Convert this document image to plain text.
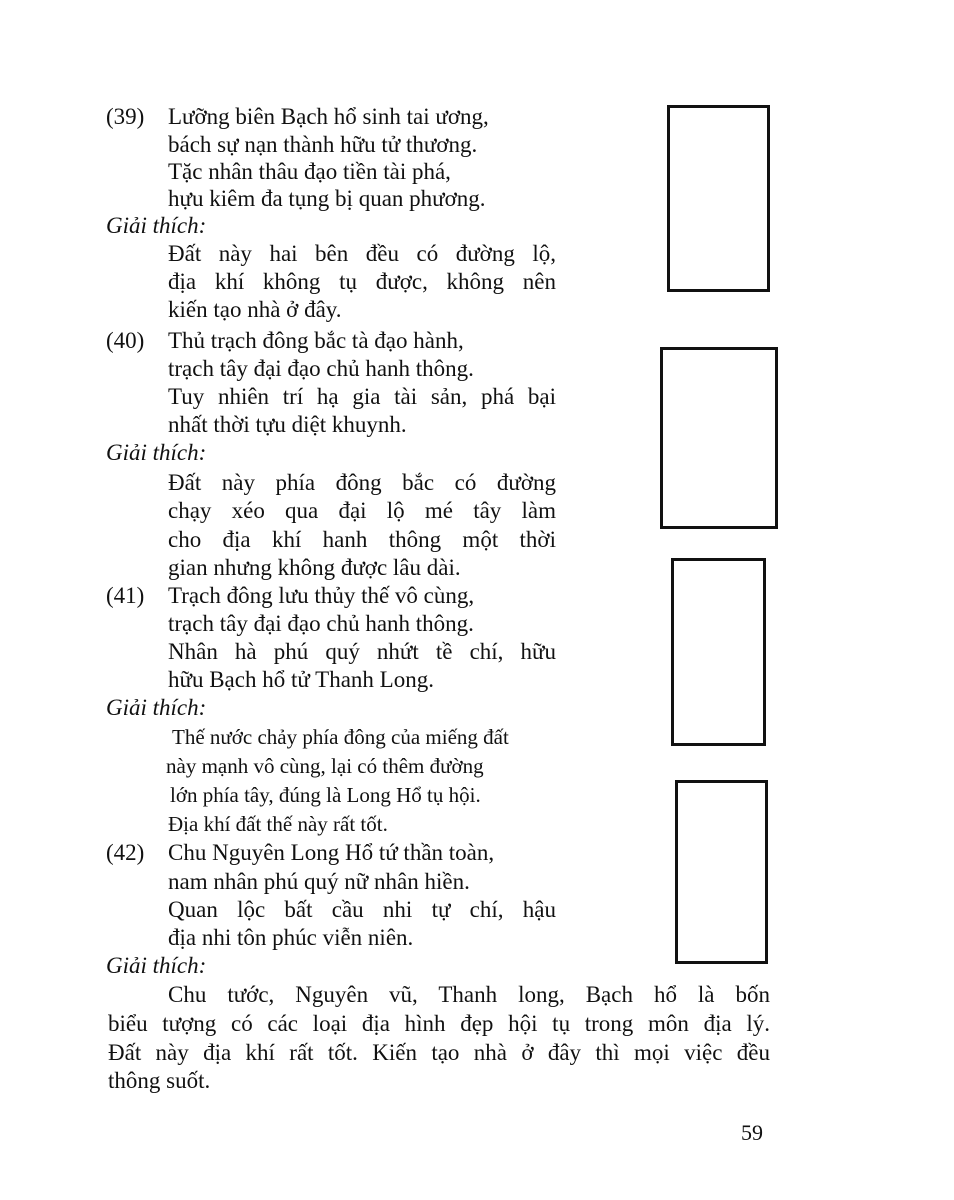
(39) Lưỡng biên Bạch hổ sinh tai ương,
bách sự nạn thành hữu tử thương.
Tặc nhân thâu đạo tiền tài phá,
hựu kiêm đa tụng bị quan phương.
Giải thích:
Đất này hai bên đều có đường lộ,
địa khí không tụ được, không nên
kiến tạo nhà ở đây.
(40) Thủ trạch đông bắc tà đạo hành,
trạch tây đại đạo chủ hanh thông.
Tuy nhiên trí hạ gia tài sản, phá bại
nhất thời tựu diệt khuynh.
Giải thích:
Đất này phía đông bắc có đường
chạy xéo qua đại lộ mé tây làm
cho địa khí hanh thông một thời
gian nhưng không được lâu dài.
(41) Trạch đông lưu thủy thế vô cùng,
trạch tây đại đạo chủ hanh thông.
Nhân hà phú quý nhứt tề chí, hữu
hữu Bạch hổ tử Thanh Long.
Giải thích:
Thế nước chảy phía đông của miếng đất
này mạnh vô cùng, lại có thêm đường
lớn phía tây, đúng là Long Hổ tụ hội.
Địa khí đất thế này rất tốt.
(42) Chu Nguyên Long Hổ tứ thần toàn,
nam nhân phú quý nữ nhân hiền.
Quan lộc bất cầu nhi tự chí, hậu
địa nhi tôn phúc viễn niên.
Giải thích:
Chu tước, Nguyên vũ, Thanh long, Bạch hổ là bốn
biểu tượng có các loại địa hình đẹp hội tụ trong môn địa lý.
Đất này địa khí rất tốt. Kiến tạo nhà ở đây thì mọi việc đều
thông suốt.
59
